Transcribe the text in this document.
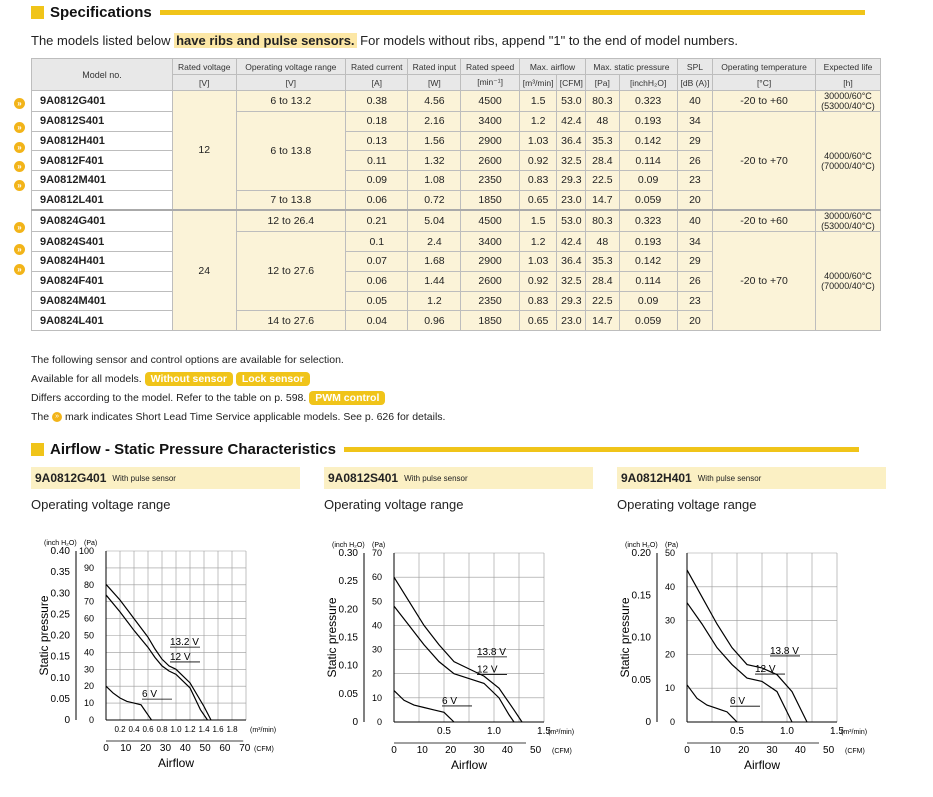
Specifications
The models listed below have ribs and pulse sensors. For models without ribs, append "1" to the end of model numbers.
Model no.	Rated voltage	Operating voltage range	Rated current	Rated input	Rated speed	Max. airflow		Max. static pressure		SPL	Operating temperature	Expected life
	[V]	[V]	[A]	[W]	[min⁻¹]	[m³/min]	[CFM]	[Pa]	[inchH₂O]	[dB (A)]	[°C]	[h]
9A0812G401	12	6 to 13.2	0.38	4.56	4500	1.5	53.0	80.3	0.323	40	-20 to +60	30000/60°C
(53000/40°C)

9A0812S401		6 to 13.8	0.18	2.16	3400	1.2	42.4	48	0.193	34	-20 to +70	40000/60°C
(70000/40°C)

9A0812H401			0.13	1.56	2900	1.03	36.4	35.3	0.142	29		
9A0812F401			0.11	1.32	2600	0.92	32.5	28.4	0.114	26		
9A0812M401			0.09	1.08	2350	0.83	29.3	22.5	0.09	23		
9A0812L401		7 to 13.8	0.06	0.72	1850	0.65	23.0	14.7	0.059	20		
9A0824G401	24	12 to 26.4	0.21	5.04	4500	1.5	53.0	80.3	0.323	40	-20 to +60	30000/60°C
(53000/40°C)

9A0824S401		12 to 27.6	0.1	2.4	3400	1.2	42.4	48	0.193	34	-20 to +70	40000/60°C
(70000/40°C)

9A0824H401			0.07	1.68	2900	1.03	36.4	35.3	0.142	29		
9A0824F401			0.06	1.44	2600	0.92	32.5	28.4	0.114	26		
9A0824M401			0.05	1.2	2350	0.83	29.3	22.5	0.09	23		
9A0824L401		14 to 27.6	0.04	0.96	1850	0.65	23.0	14.7	0.059	20		
»
»
»
»
»
»
»
»
The following sensor and control options are available for selection.
Available for all models. Without sensor Lock sensor
Differs according to the model. Refer to the table on p. 598. PWM control
The » mark indicates Short Lead Time Service applicable models. See p. 626 for details.
Airflow - Static Pressure Characteristics
9A0812G401 With pulse sensor	9A0812S401 With pulse sensor	9A0812H401 With pulse sensor
Operating voltage range	Operating voltage range	Operating voltage range
0
10
20
30
40
50
60
70
80
90
100
0
0.05
0.10
0.15
0.20
0.25
0.30
0.35
0.40
0.2 0.4 0.6 0.8 1.0 1.2 1.4 1.6 1.8 (m³/min)
0 10 20 30 40 50 60 70 (CFM)
Airflow
(inch H₂O) (Pa)
Static pressure	13.2 V
12 V
6 V
0
10
20
30
40
50
60
70
0
0.05
0.10
0.15
0.20
0.25
0.30
0.5	1.0	1.5
(m³/min)
0 10 20 30 40 50 (CFM)
Airflow
(inch H₂O) (Pa)
Static pressure	13.8 V
12 V
6 V
0
10
20
30
40
50
0
0.05
0.10
0.15
0.20
0.5	1.0	1.5
(m³/min)
0 10 20 30 40 50 (CFM)
Airflow
(inch H₂O) (Pa)
Static pressure	13.8 V
12 V
6 V
